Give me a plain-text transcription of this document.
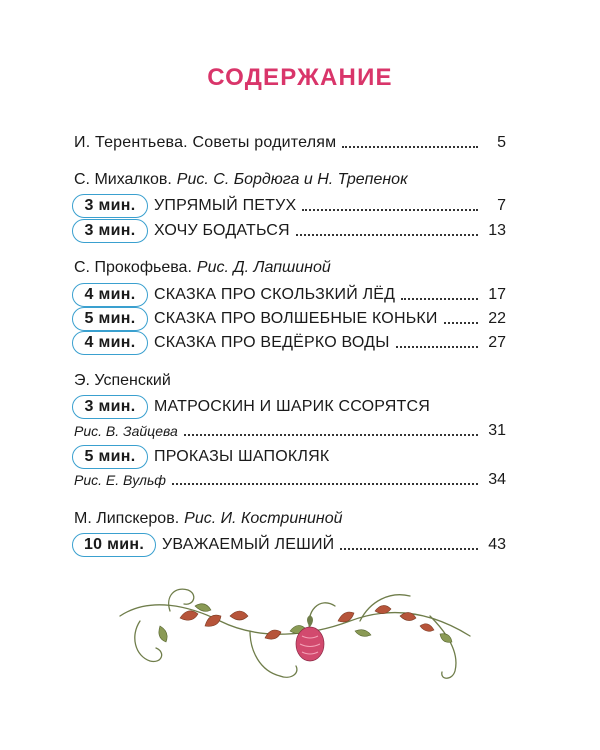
СОДЕРЖАНИЕ
И. Терентьева. Советы родителям	5
С. Михалков. Рис. С. Бордюга и Н. Трепенок
3 мин.	УПРЯМЫЙ ПЕТУХ	7
3 мин.	ХОЧУ БОДАТЬСЯ	13
С. Прокофьева. Рис. Д. Лапшиной
4 мин.	СКАЗКА ПРО СКОЛЬЗКИЙ ЛЁД	17
5 мин.	СКАЗКА ПРО ВОЛШЕБНЫЕ КОНЬКИ	22
4 мин.	СКАЗКА ПРО ВЕДЁРКО ВОДЫ	27
Э. Успенский
3 мин.	МАТРОСКИН И ШАРИК ССОРЯТСЯ
Рис. В. Зайцева	31
5 мин.	ПРОКАЗЫ ШАПОКЛЯК
Рис. Е. Вульф	34
М. Липскеров. Рис. И. Кострининой
10 мин.	УВАЖАЕМЫЙ ЛЕШИЙ	43
